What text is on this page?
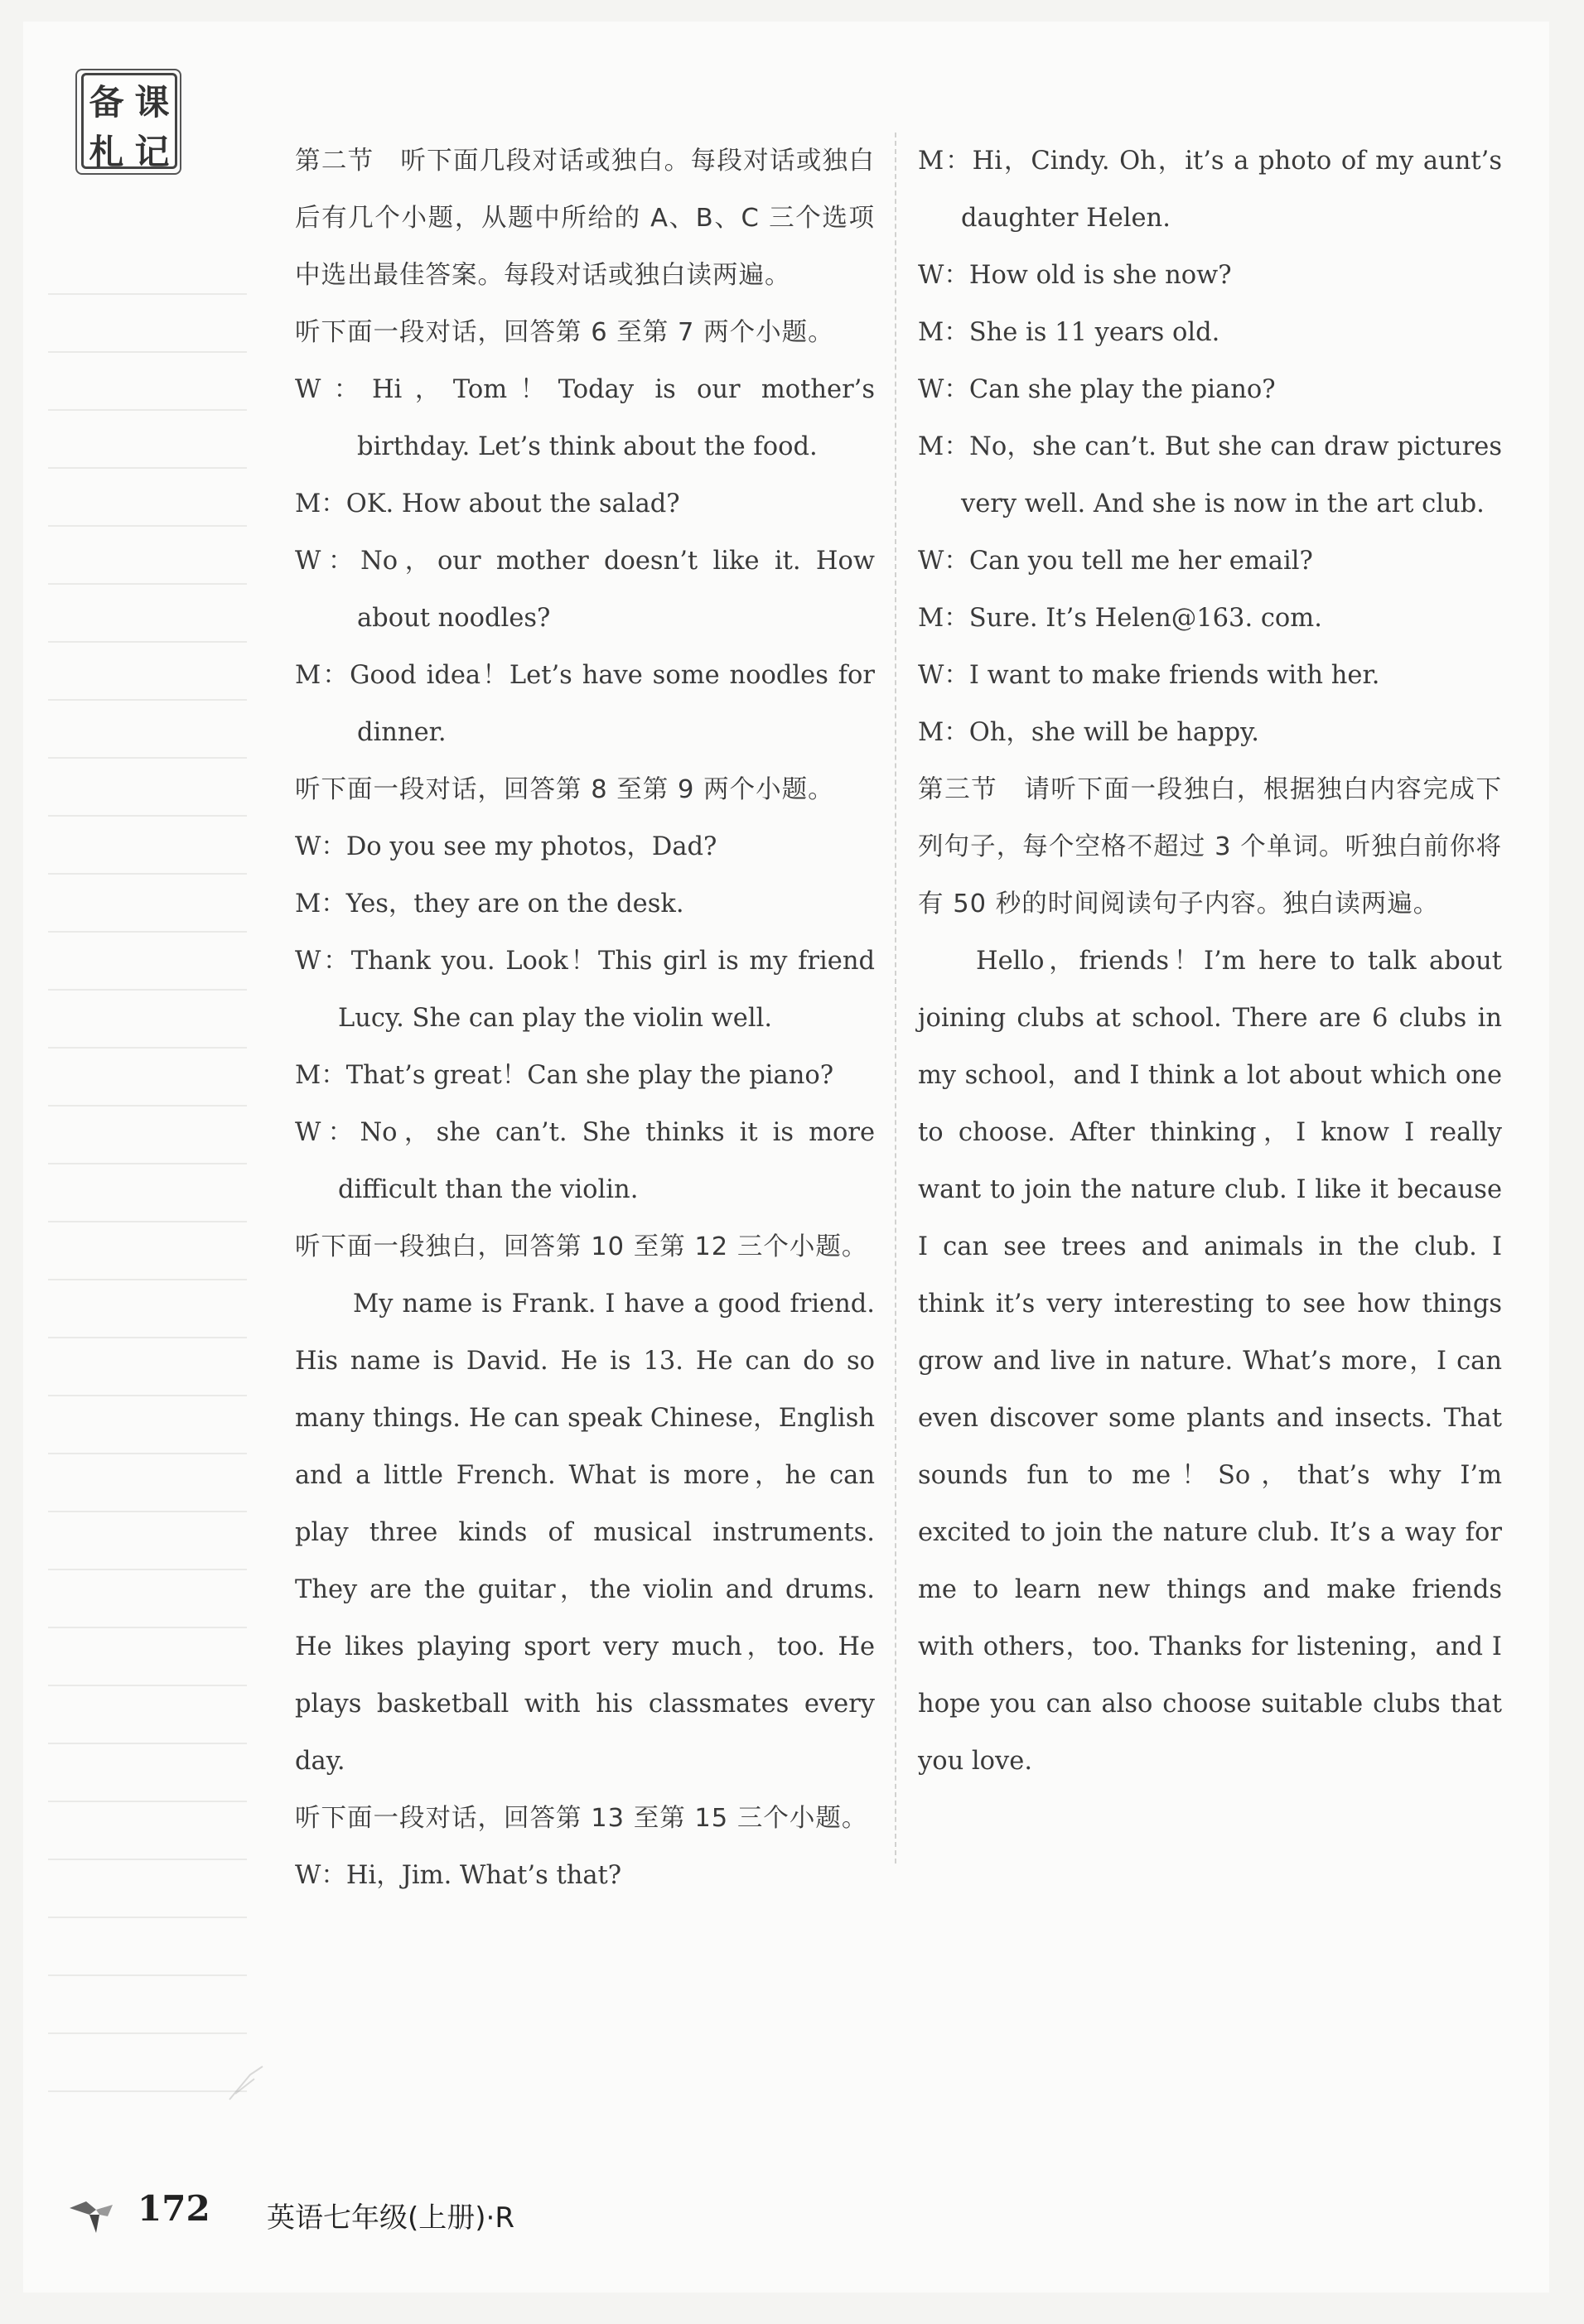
备 课
札 记	第二节　听下面几段对话或独白。每段对话或独白后有几个小题，从题中所给的 A、B、C 三个选项中选出最佳答案。每段对话或独白读两遍。

听下面一段对话，回答第 6 至第 7 两个小题。

W：Hi，Tom！Today is our mother’s birthday. Let’s think about the food.

M：OK. How about the salad?

W：No，our mother doesn’t like it. How about noodles?

M：Good idea！Let’s have some noodles for dinner.

听下面一段对话，回答第 8 至第 9 两个小题。

W：Do you see my photos，Dad?

M：Yes，they are on the desk.

W：Thank you. Look！This girl is my friend Lucy. She can play the violin well.

M：That’s great！Can she play the piano?

W：No，she can’t. She thinks it is more difficult than the violin.

听下面一段独白，回答第 10 至第 12 三个小题。

My name is Frank. I have a good friend. His name is David. He is 13. He can do so many things. He can speak Chinese，English and a little French. What is more，he can play three kinds of musical instruments. They are the guitar，the violin and drums. He likes playing sport very much，too. He plays basketball with his classmates every day.

听下面一段对话，回答第 13 至第 15 三个小题。

W：Hi，Jim. What’s that?

M：Hi，Cindy. Oh，it’s a photo of my aunt’s daughter Helen.

W：How old is she now?

M：She is 11 years old.

W：Can she play the piano?

M：No，she can’t. But she can draw pictures very well. And she is now in the art club.

W：Can you tell me her email?

M：Sure. It’s Helen@163. com.

W：I want to make friends with her.

M：Oh，she will be happy.

第三节　请听下面一段独白，根据独白内容完成下列句子，每个空格不超过 3 个单词。听独白前你将有 50 秒的时间阅读句子内容。独白读两遍。

Hello，friends！I’m here to talk about joining clubs at school. There are 6 clubs in my school，and I think a lot about which one to choose. After thinking，I know I really want to join the nature club. I like it because I can see trees and animals in the club. I think it’s very interesting to see how things grow and live in nature. What’s more，I can even discover some plants and insects. That sounds fun to me！So，that’s why I’m excited to join the nature club. It’s a way for me to learn new things and make friends with others，too. Thanks for listening，and I hope you can also choose suitable clubs that you love.

172 英语七年级(上册)·R
